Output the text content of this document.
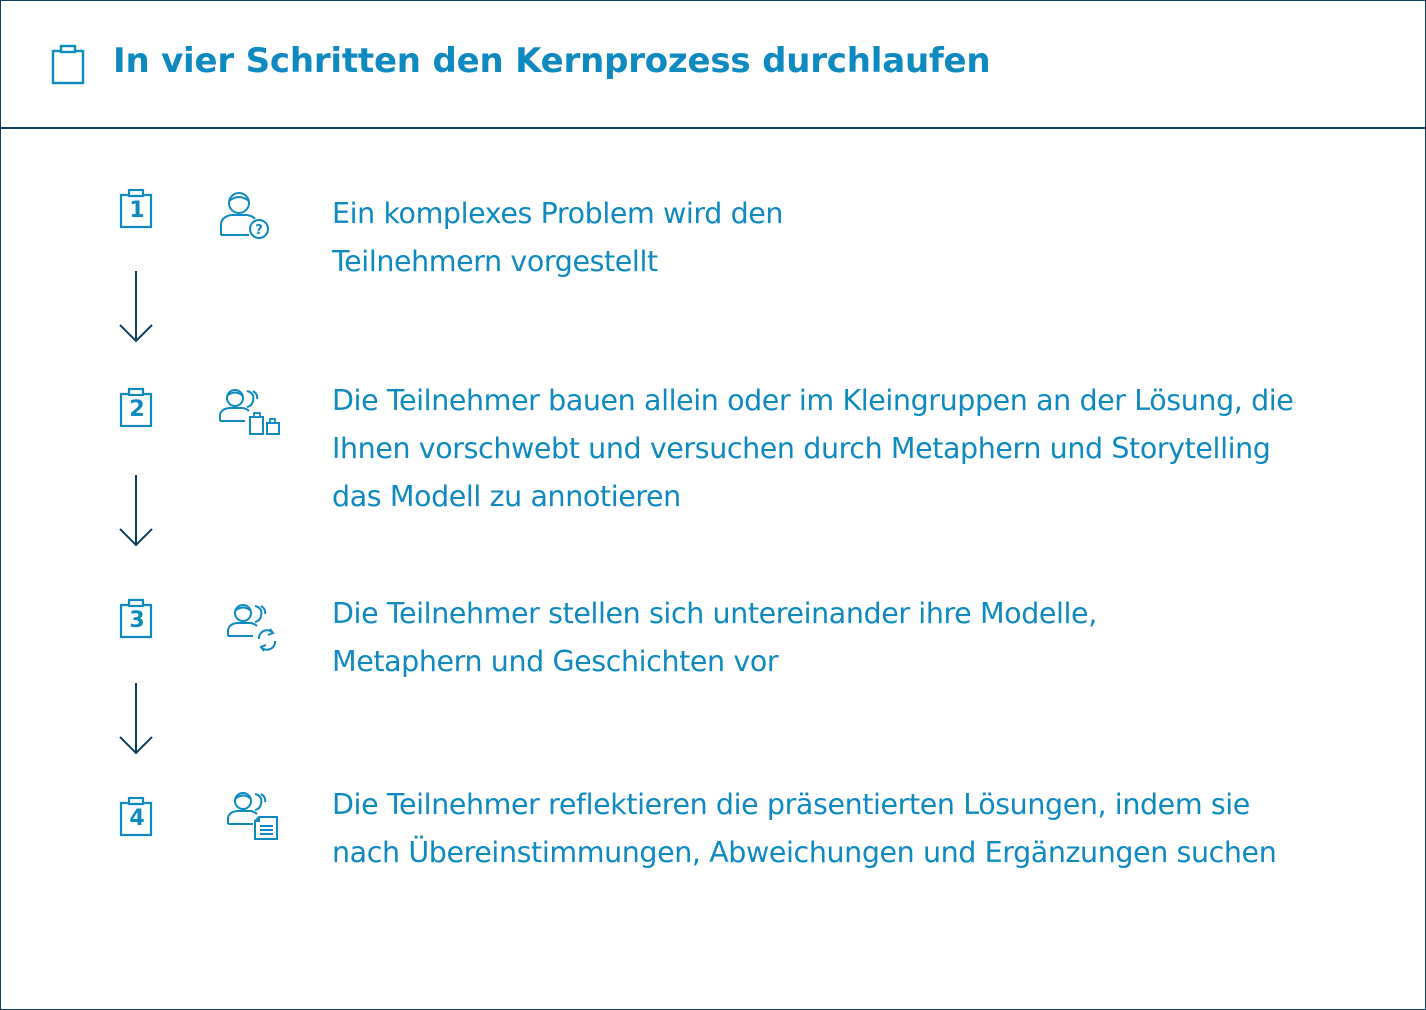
In vier Schritten den Kernprozess durchlaufen
1
?
Ein komplexes Problem wird den
Teilnehmern vorgestellt
2	Die Teilnehmer bauen allein oder im Kleingruppen an der Lösung, die
Ihnen vorschwebt und versuchen durch Metaphern und Storytelling
das Modell zu annotieren
3	Die Teilnehmer stellen sich untereinander ihre Modelle,
Metaphern und Geschichten vor
4	Die Teilnehmer reflektieren die präsentierten Lösungen, indem sie
nach Übereinstimmungen, Abweichungen und Ergänzungen suchen
